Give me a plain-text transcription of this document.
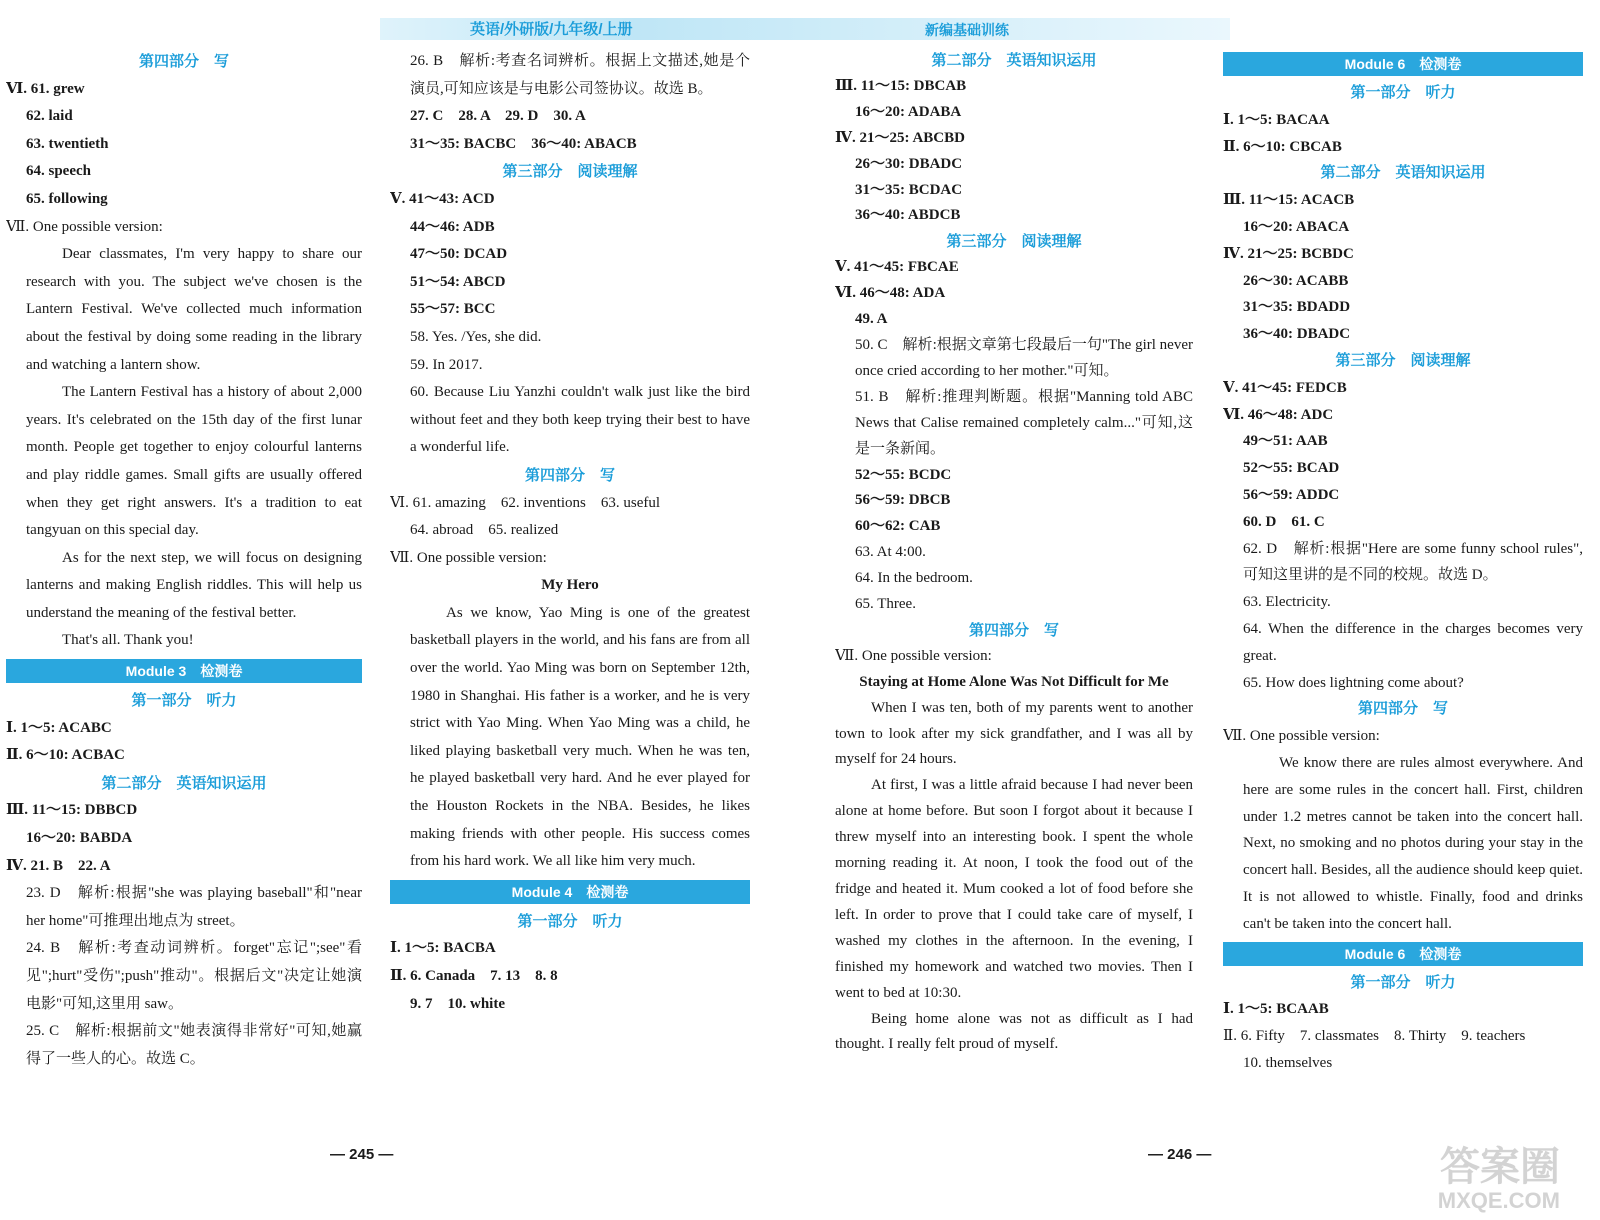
英语/外研版/九年级/上册	新编基础训练
第四部分　写
Ⅵ. 61. grew
62. laid
63. twentieth
64. speech
65. following
Ⅶ. One possible version:
Dear classmates, I'm very happy to share our research with you. The subject we've chosen is the Lantern Festival. We've collected much information about the festival by doing some reading in the library and watching a lantern show.
The Lantern Festival has a history of about 2,000 years. It's celebrated on the 15th day of the first lunar month. People get together to enjoy colourful lanterns and play riddle games. Small gifts are usually offered when they get right answers. It's a tradition to eat tangyuan on this special day.
As for the next step, we will focus on designing lanterns and making English riddles. This will help us understand the meaning of the festival better.
That's all. Thank you!
Module 3　检测卷
第一部分　听力
Ⅰ. 1～5: ACABC
Ⅱ. 6～10: ACBAC
第二部分　英语知识运用
Ⅲ. 11～15: DBBCD
16～20: BABDA
Ⅳ. 21. B　22. A
23. D　解析:根据"she was playing baseball"和"near her home"可推理出地点为 street。
24. B　解析:考查动词辨析。forget"忘记";see"看见";hurt"受伤";push"推动"。根据后文"决定让她演电影"可知,这里用 saw。
25. C　解析:根据前文"她表演得非常好"可知,她赢得了一些人的心。故选 C。
26. B　解析:考查名词辨析。根据上文描述,她是个演员,可知应该是与电影公司签协议。故选 B。
27. C　28. A　29. D　30. A
31～35: BACBC　36～40: ABACB
第三部分　阅读理解
Ⅴ. 41～43: ACD
44～46: ADB
47～50: DCAD
51～54: ABCD
55～57: BCC
58. Yes. /Yes, she did.
59. In 2017.
60. Because Liu Yanzhi couldn't walk just like the bird without feet and they both keep trying their best to have a wonderful life.
第四部分　写
Ⅵ. 61. amazing　62. inventions　63. useful
64. abroad　65. realized
Ⅶ. One possible version:
My Hero
As we know, Yao Ming is one of the greatest basketball players in the world, and his fans are from all over the world. Yao Ming was born on September 12th, 1980 in Shanghai. His father is a worker, and he is very strict with Yao Ming. When Yao Ming was a child, he liked playing basketball very much. When he was ten, he played basketball very hard. And he ever played for the Houston Rockets in the NBA. Besides, he likes making friends with other people. His success comes from his hard work. We all like him very much.
Module 4　检测卷
第一部分　听力
Ⅰ. 1～5: BACBA
Ⅱ. 6. Canada　7. 13　8. 8
9. 7　10. white
第二部分　英语知识运用
Ⅲ. 11～15: DBCAB
16～20: ADABA
Ⅳ. 21～25: ABCBD
26～30: DBADC
31～35: BCDAC
36～40: ABDCB
第三部分　阅读理解
Ⅴ. 41～45: FBCAE
Ⅵ. 46～48: ADA
49. A
50. C　解析:根据文章第七段最后一句"The girl never once cried according to her mother."可知。
51. B　解析:推理判断题。根据"Manning told ABC News that Calise remained completely calm..."可知,这是一条新闻。
52～55: BCDC
56～59: DBCB
60～62: CAB
63. At 4:00.
64. In the bedroom.
65. Three.
第四部分　写
Ⅶ. One possible version:
Staying at Home Alone Was Not Difficult for Me
When I was ten, both of my parents went to another town to look after my sick grandfather, and I was all by myself for 24 hours.
At first, I was a little afraid because I had never been alone at home before. But soon I forgot about it because I threw myself into an interesting book. I spent the whole morning reading it. At noon, I took the food out of the fridge and heated it. Mum cooked a lot of food before she left. In order to prove that I could take care of myself, I washed my clothes in the afternoon. In the evening, I finished my homework and watched two movies. Then I went to bed at 10:30.
Being home alone was not as difficult as I had thought. I really felt proud of myself.
Module 6　检测卷
第一部分　听力
Ⅰ. 1～5: BACAA
Ⅱ. 6～10: CBCAB
第二部分　英语知识运用
Ⅲ. 11～15: ACACB
16～20: ABACA
Ⅳ. 21～25: BCBDC
26～30: ACABB
31～35: BDADD
36～40: DBADC
第三部分　阅读理解
Ⅴ. 41～45: FEDCB
Ⅵ. 46～48: ADC
49～51: AAB
52～55: BCAD
56～59: ADDC
60. D　61. C
62. D　解析:根据"Here are some funny school rules",可知这里讲的是不同的校规。故选 D。
63. Electricity.
64. When the difference in the charges becomes very great.
65. How does lightning come about?
第四部分　写
Ⅶ. One possible version:
We know there are rules almost everywhere. And here are some rules in the concert hall. First, children under 1.2 metres cannot be taken into the concert hall. Next, no smoking and no photos during your stay in the concert hall. Besides, all the audience should keep quiet. It is not allowed to whistle. Finally, food and drinks can't be taken into the concert hall.
Module 6　检测卷
第一部分　听力
Ⅰ. 1～5: BCAAB
Ⅱ. 6. Fifty　7. classmates　8. Thirty　9. teachers
10. themselves
— 245 —	— 246 —	答案圈
MXQE.COM
